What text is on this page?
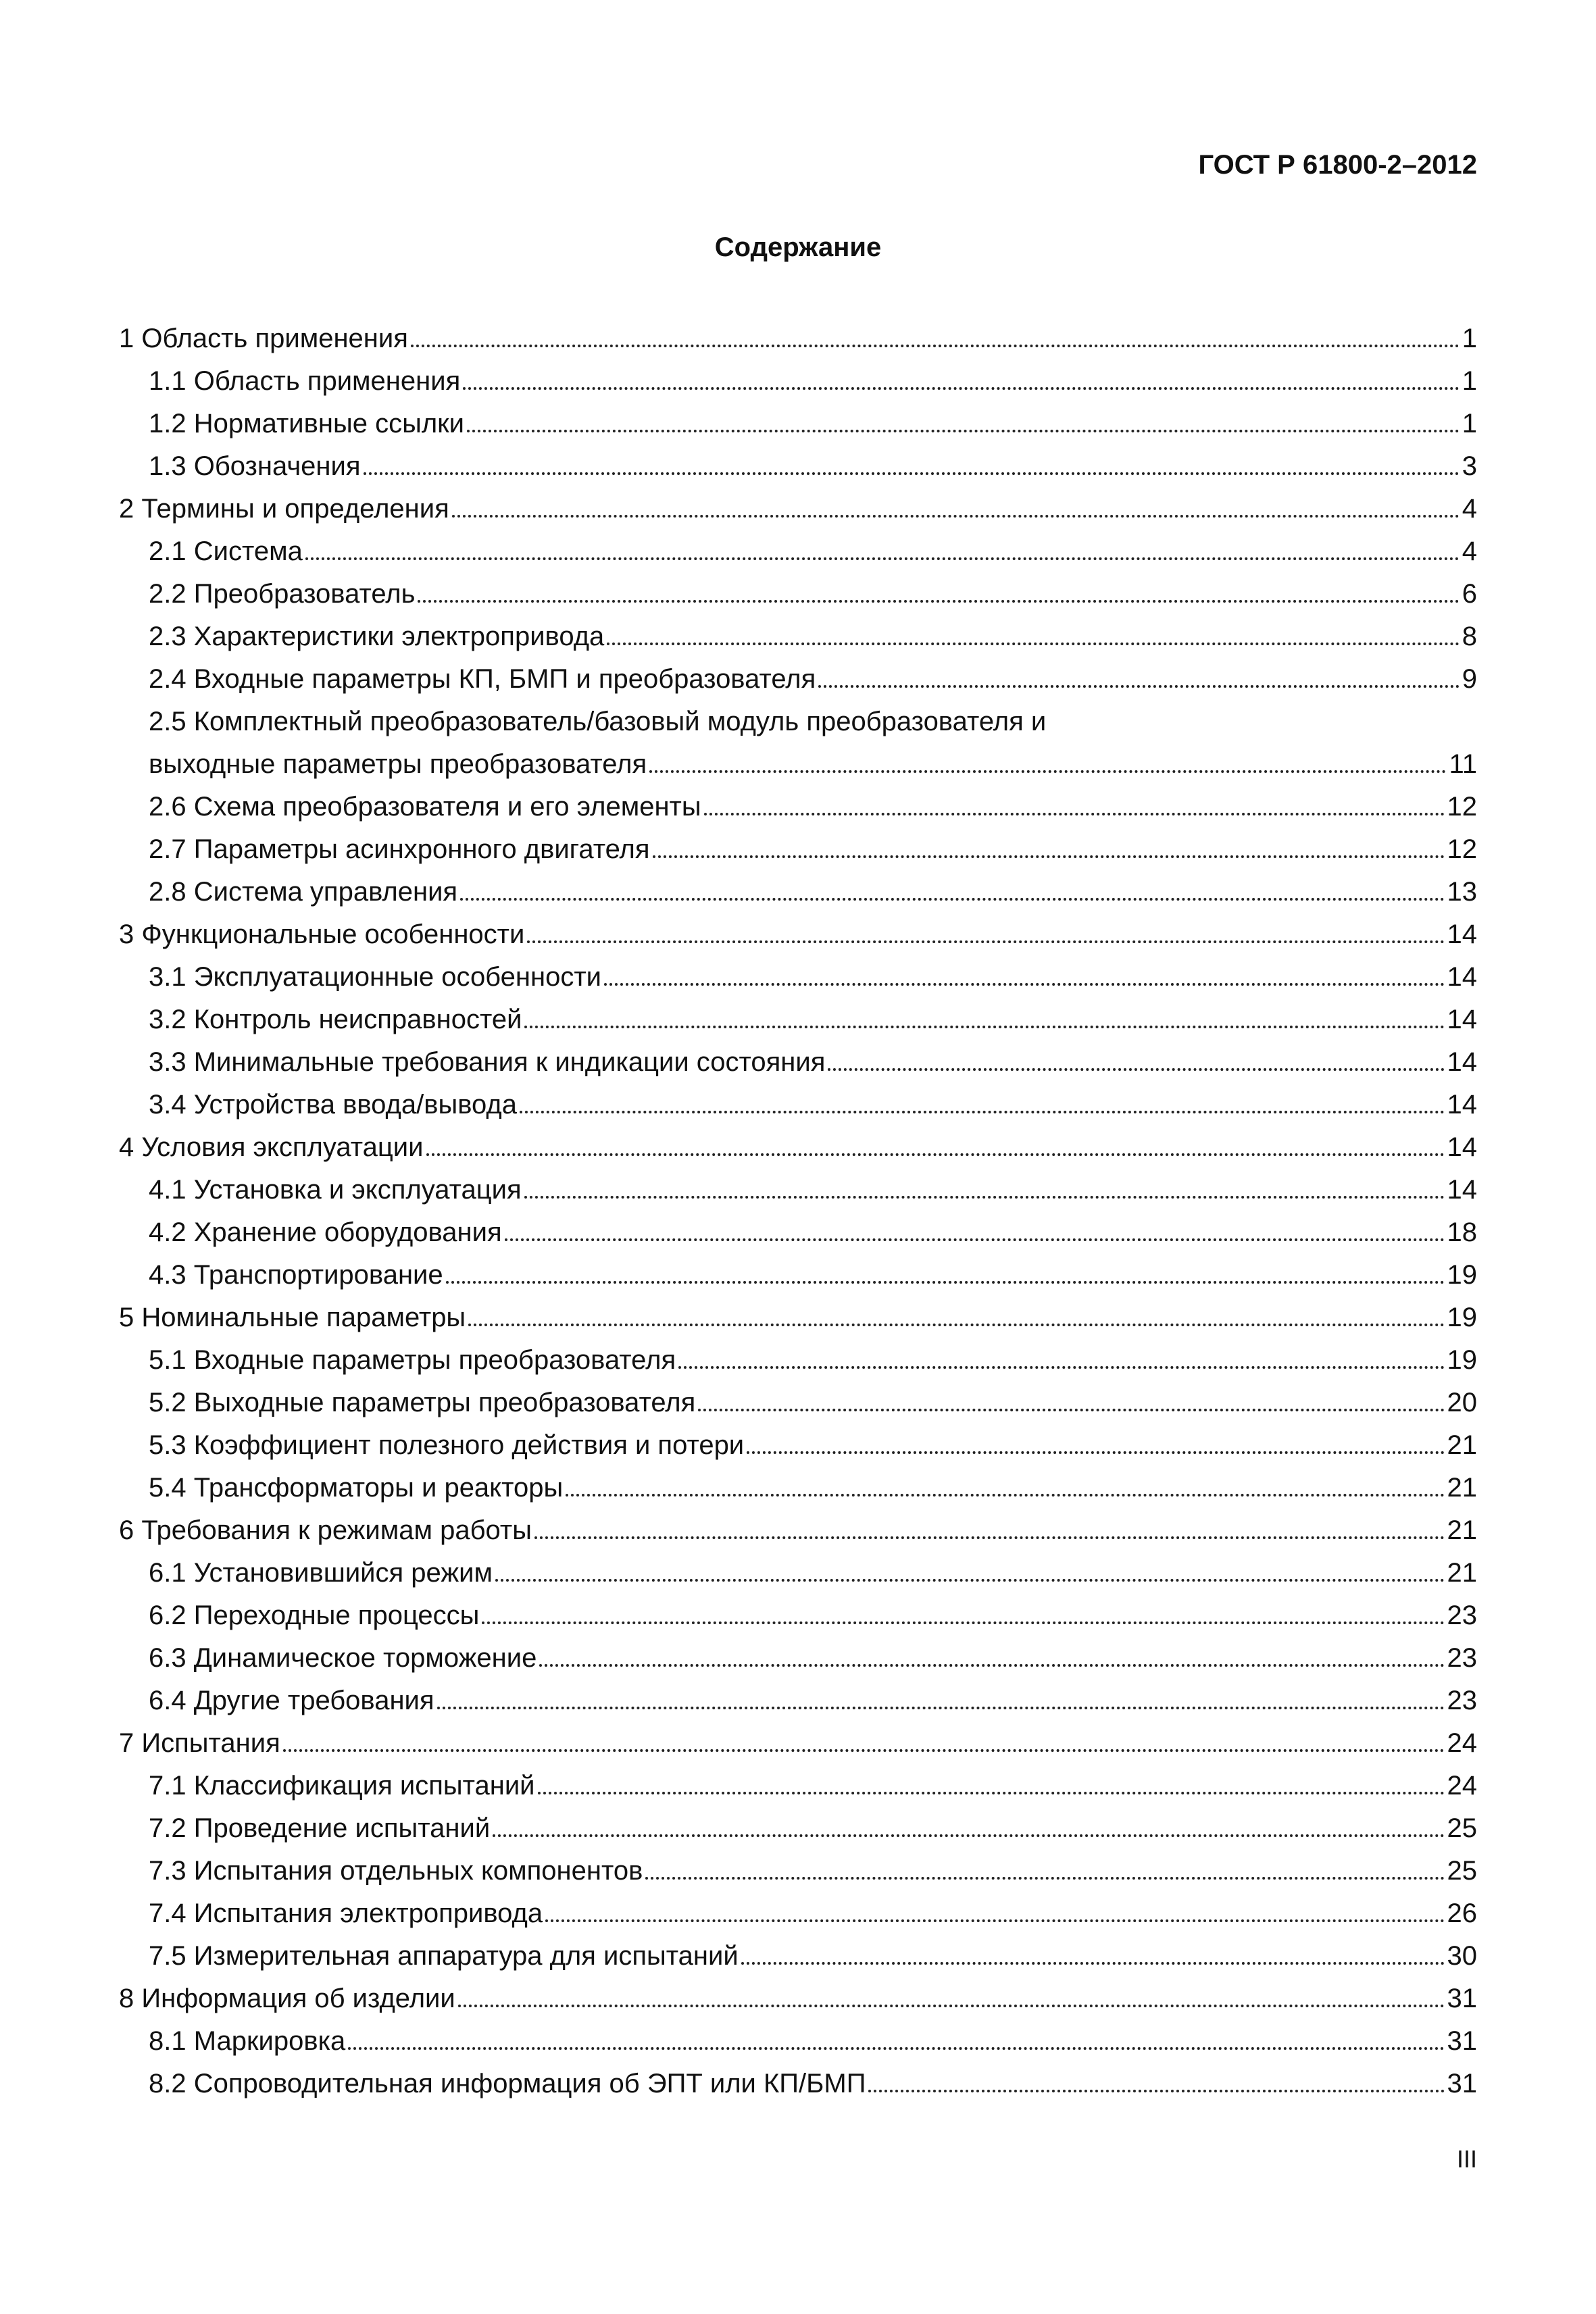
ГОСТ Р 61800-2–2012
Содержание
1 Область применения	1
1.1 Область применения	1
1.2 Нормативные ссылки	1
1.3 Обозначения	3
2 Термины и определения	4
2.1 Система	4
2.2 Преобразователь	6
2.3 Характеристики электропривода	8
2.4 Входные параметры КП, БМП и преобразователя	9
2.5 Комплектный преобразователь/базовый модуль преобразователя и
выходные параметры преобразователя	11
2.6 Схема преобразователя и его элементы	12
2.7 Параметры асинхронного двигателя	12
2.8 Система управления	13
3 Функциональные особенности	14
3.1 Эксплуатационные особенности	14
3.2 Контроль неисправностей	14
3.3 Минимальные требования к индикации состояния	14
3.4 Устройства ввода/вывода	14
4 Условия эксплуатации	14
4.1 Установка и эксплуатация	14
4.2 Хранение оборудования	18
4.3 Транспортирование	19
5 Номинальные параметры	19
5.1 Входные параметры преобразователя	19
5.2 Выходные параметры преобразователя	20
5.3 Коэффициент полезного действия и потери	21
5.4 Трансформаторы и реакторы	21
6 Требования к режимам работы	21
6.1 Установившийся режим	21
6.2 Переходные процессы	23
6.3 Динамическое торможение	23
6.4 Другие требования	23
7 Испытания	24
7.1 Классификация испытаний	24
7.2 Проведение испытаний	25
7.3 Испытания отдельных компонентов	25
7.4 Испытания электропривода	26
7.5 Измерительная аппаратура для испытаний	30
8 Информация об изделии	31
8.1 Маркировка	31
8.2 Сопроводительная информация об ЭПТ или КП/БМП	31
III
